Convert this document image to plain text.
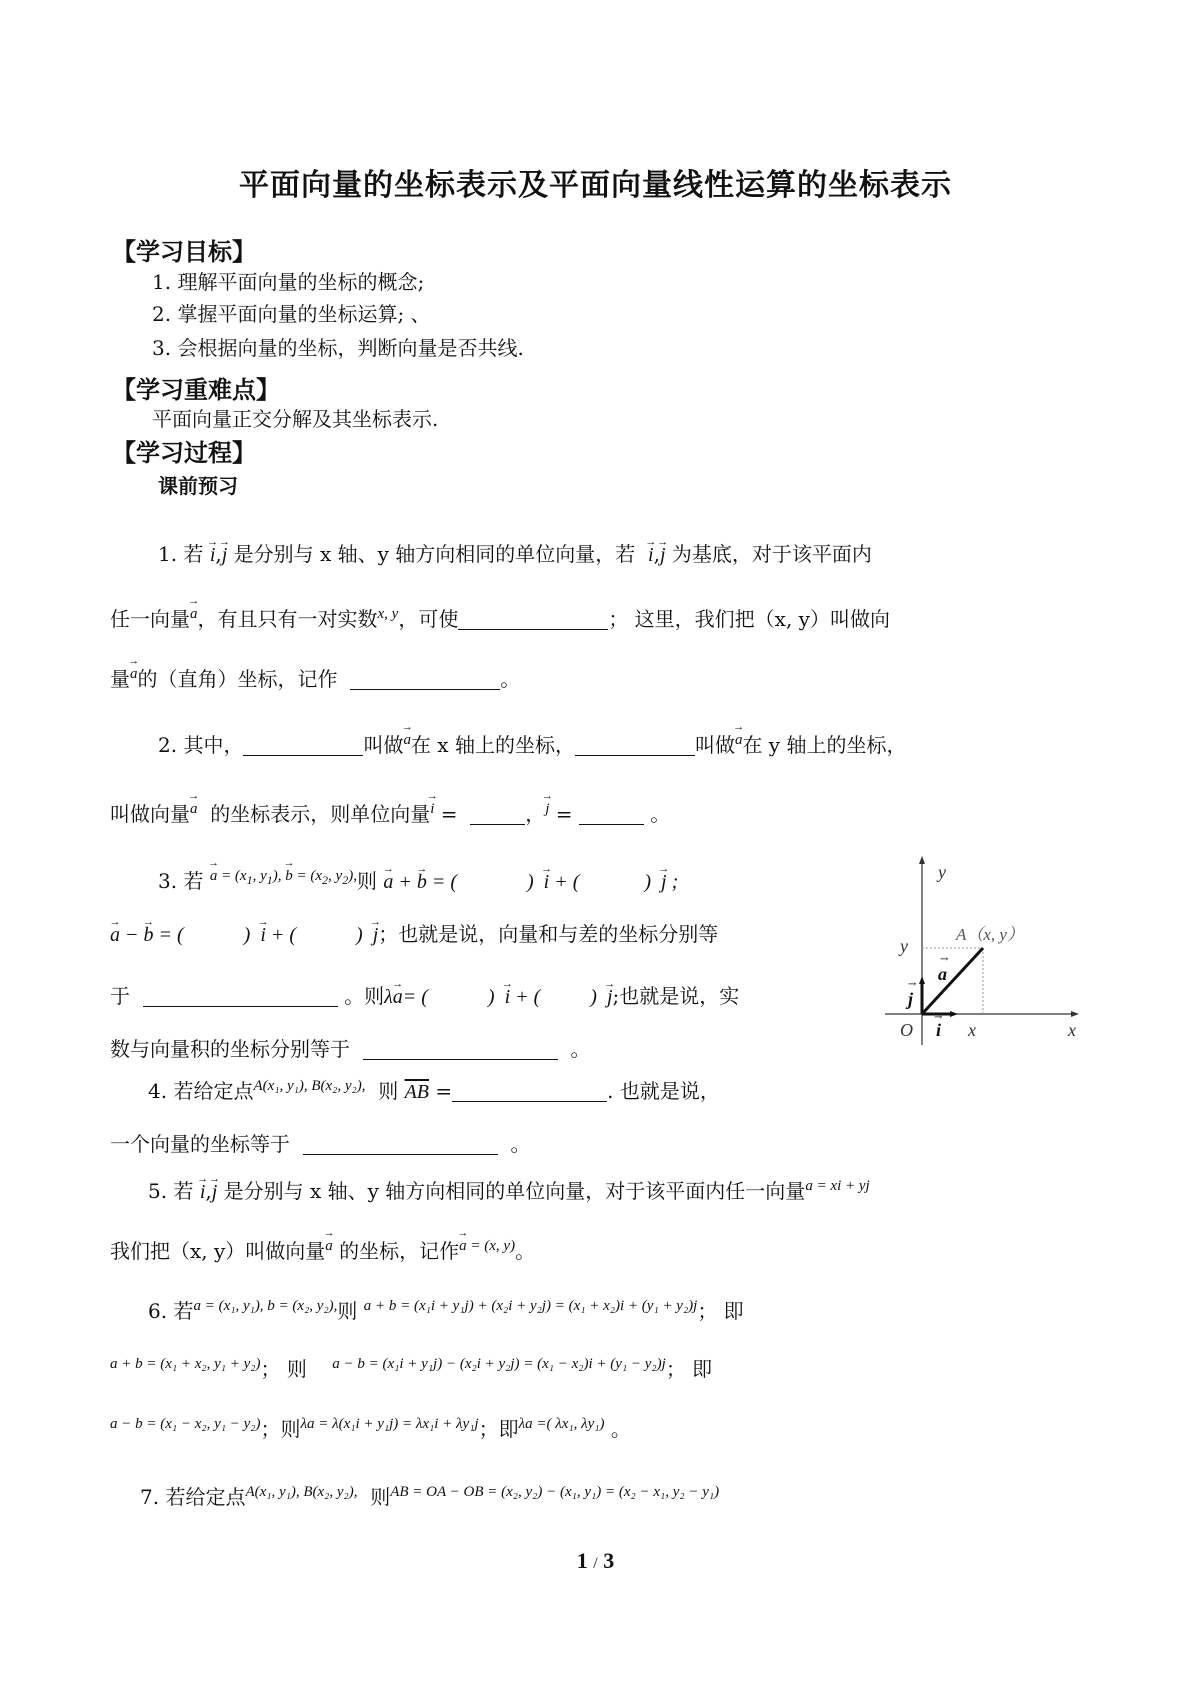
平面向量的坐标表示及平面向量线性运算的坐标表示
【学习目标】
1. 理解平面向量的坐标的概念;
2. 掌握平面向量的坐标运算; 、
3. 会根据向量的坐标，判断向量是否共线.
【学习重难点】
平面向量正交分解及其坐标表示.
【学习过程】
课前预习
1. 若 → i,→ j 是分别与 x 轴、y 轴方向相同的单位向量，若 → i,→ j 为基底，对于该平面内
任一向量→ a，有且只有一对实数$^{x, y}$，可使	； 这里，我们把（x, y）叫做向
量→ a的（直角）坐标，记作	。
2. 其中，	叫做→ a在 x 轴上的坐标，	叫做→ a在 y 轴上的坐标，
叫做向量→ a 的坐标表示，则单位向量→ i =	，→ j =	。
3. 若 → $^{a = (x_1, y_1), \to b = (x_2, y_2),}$则 → a + → b = (              )  → i + (             )  → j ;
→ a − → b = (            )  → i + (            )  → j；也就是说，向量和与差的坐标分别等
于	。则λ→ a= (            )  → i + (          )  → j;也就是说，实
数与向量积的坐标分别等于	。
y
x
O
A（x, y）
y
x
a
→
j
→
i
→
4. 若给定点$^{A(x_1, y_1), B(x_2, y_2),}$ 则 $\overline{AB}$ =	. 也就是说，
一个向量的坐标等于	。
5. 若 → i,→ j 是分别与 x 轴、y 轴方向相同的单位向量，对于该平面内任一向量$^{a = xi + yj}$
我们把（x, y）叫做向量→ a 的坐标，记作→ $^{a = (x, y)}$。
6. 若$^{a = (x_1, y_1), b = (x_2, y_2),}$则 $^{a + b = (x_1i + y_1j) + (x_2i + y_2j) = (x_1 + x_2)i + (y_1 + y_2)j}$； 即
$^{a + b = (x_1 + x_2, y_1 + y_2)}$； 则 $^{a - b = (x_1i + y_1j) - (x_2i + y_2j) = (x_1 - x_2)i + (y_1 - y_2)j}$； 即
$^{a - b = (x_1 - x_2, y_1 - y_2)}$；则$^{\lambda a = \lambda(x_1i + y_1j) = \lambda x_1i + \lambda y_1j}$；即$^{\lambda a =( \lambda x_1, \lambda y_1)}$ 。
7. 若给定点$^{A(x_1, y_1), B(x_2, y_2),}$ 则$^{AB = OA - OB = (x_2, y_2) - (x_1, y_1) = (x_2 - x_1, y_2 - y_1)}$
1 / 3
